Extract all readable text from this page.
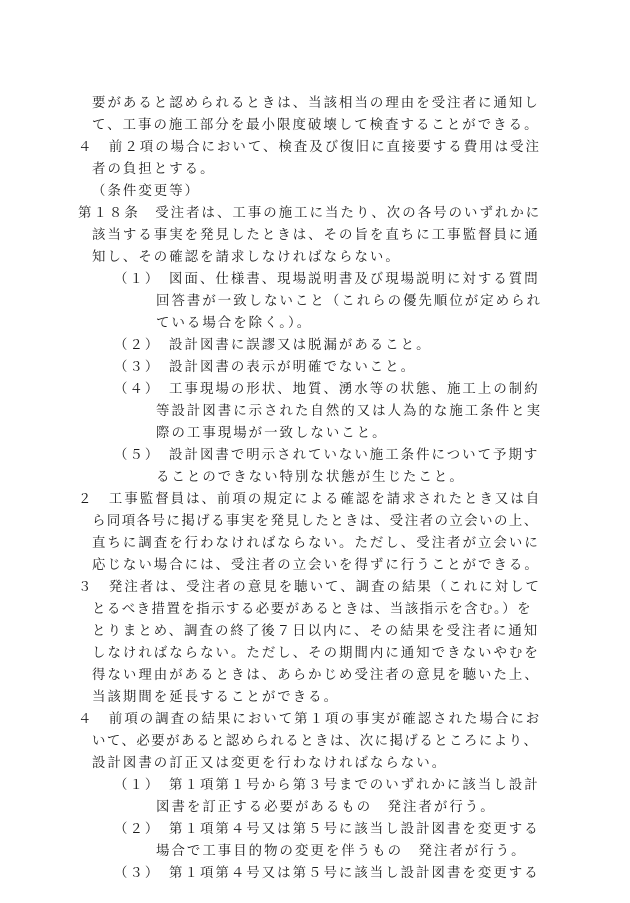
要があると認められるときは、当該相当の理由を受注者に通知し
て、工事の施工部分を最小限度破壊して検査することができる。
４　前２項の場合において、検査及び復旧に直接要する費用は受注
者の負担とする。
（条件変更等）
第１８条　受注者は、工事の施工に当たり、次の各号のいずれかに
該当する事実を発見したときは、その旨を直ちに工事監督員に通
知し、その確認を請求しなければならない。
（１）　図面、仕様書、現場説明書及び現場説明に対する質問
回答書が一致しないこと（これらの優先順位が定められ
ている場合を除く。）。
（２）　設計図書に誤謬又は脱漏があること。
（３）　設計図書の表示が明確でないこと。
（４）　工事現場の形状、地質、湧水等の状態、施工上の制約
等設計図書に示された自然的又は人為的な施工条件と実
際の工事現場が一致しないこと。
（５）　設計図書で明示されていない施工条件について予期す
ることのできない特別な状態が生じたこと。
２　工事監督員は、前項の規定による確認を請求されたとき又は自
ら同項各号に掲げる事実を発見したときは、受注者の立会いの上、
直ちに調査を行わなければならない。ただし、受注者が立会いに
応じない場合には、受注者の立会いを得ずに行うことができる。
３　発注者は、受注者の意見を聴いて、調査の結果（これに対して
とるべき措置を指示する必要があるときは、当該指示を含む。）を
とりまとめ、調査の終了後７日以内に、その結果を受注者に通知
しなければならない。ただし、その期間内に通知できないやむを
得ない理由があるときは、あらかじめ受注者の意見を聴いた上、
当該期間を延長することができる。
４　前項の調査の結果において第１項の事実が確認された場合にお
いて、必要があると認められるときは、次に掲げるところにより、
設計図書の訂正又は変更を行わなければならない。
（１）　第１項第１号から第３号までのいずれかに該当し設計
図書を訂正する必要があるもの　発注者が行う。
（２）　第１項第４号又は第５号に該当し設計図書を変更する
場合で工事目的物の変更を伴うもの　発注者が行う。
（３）　第１項第４号又は第５号に該当し設計図書を変更する
